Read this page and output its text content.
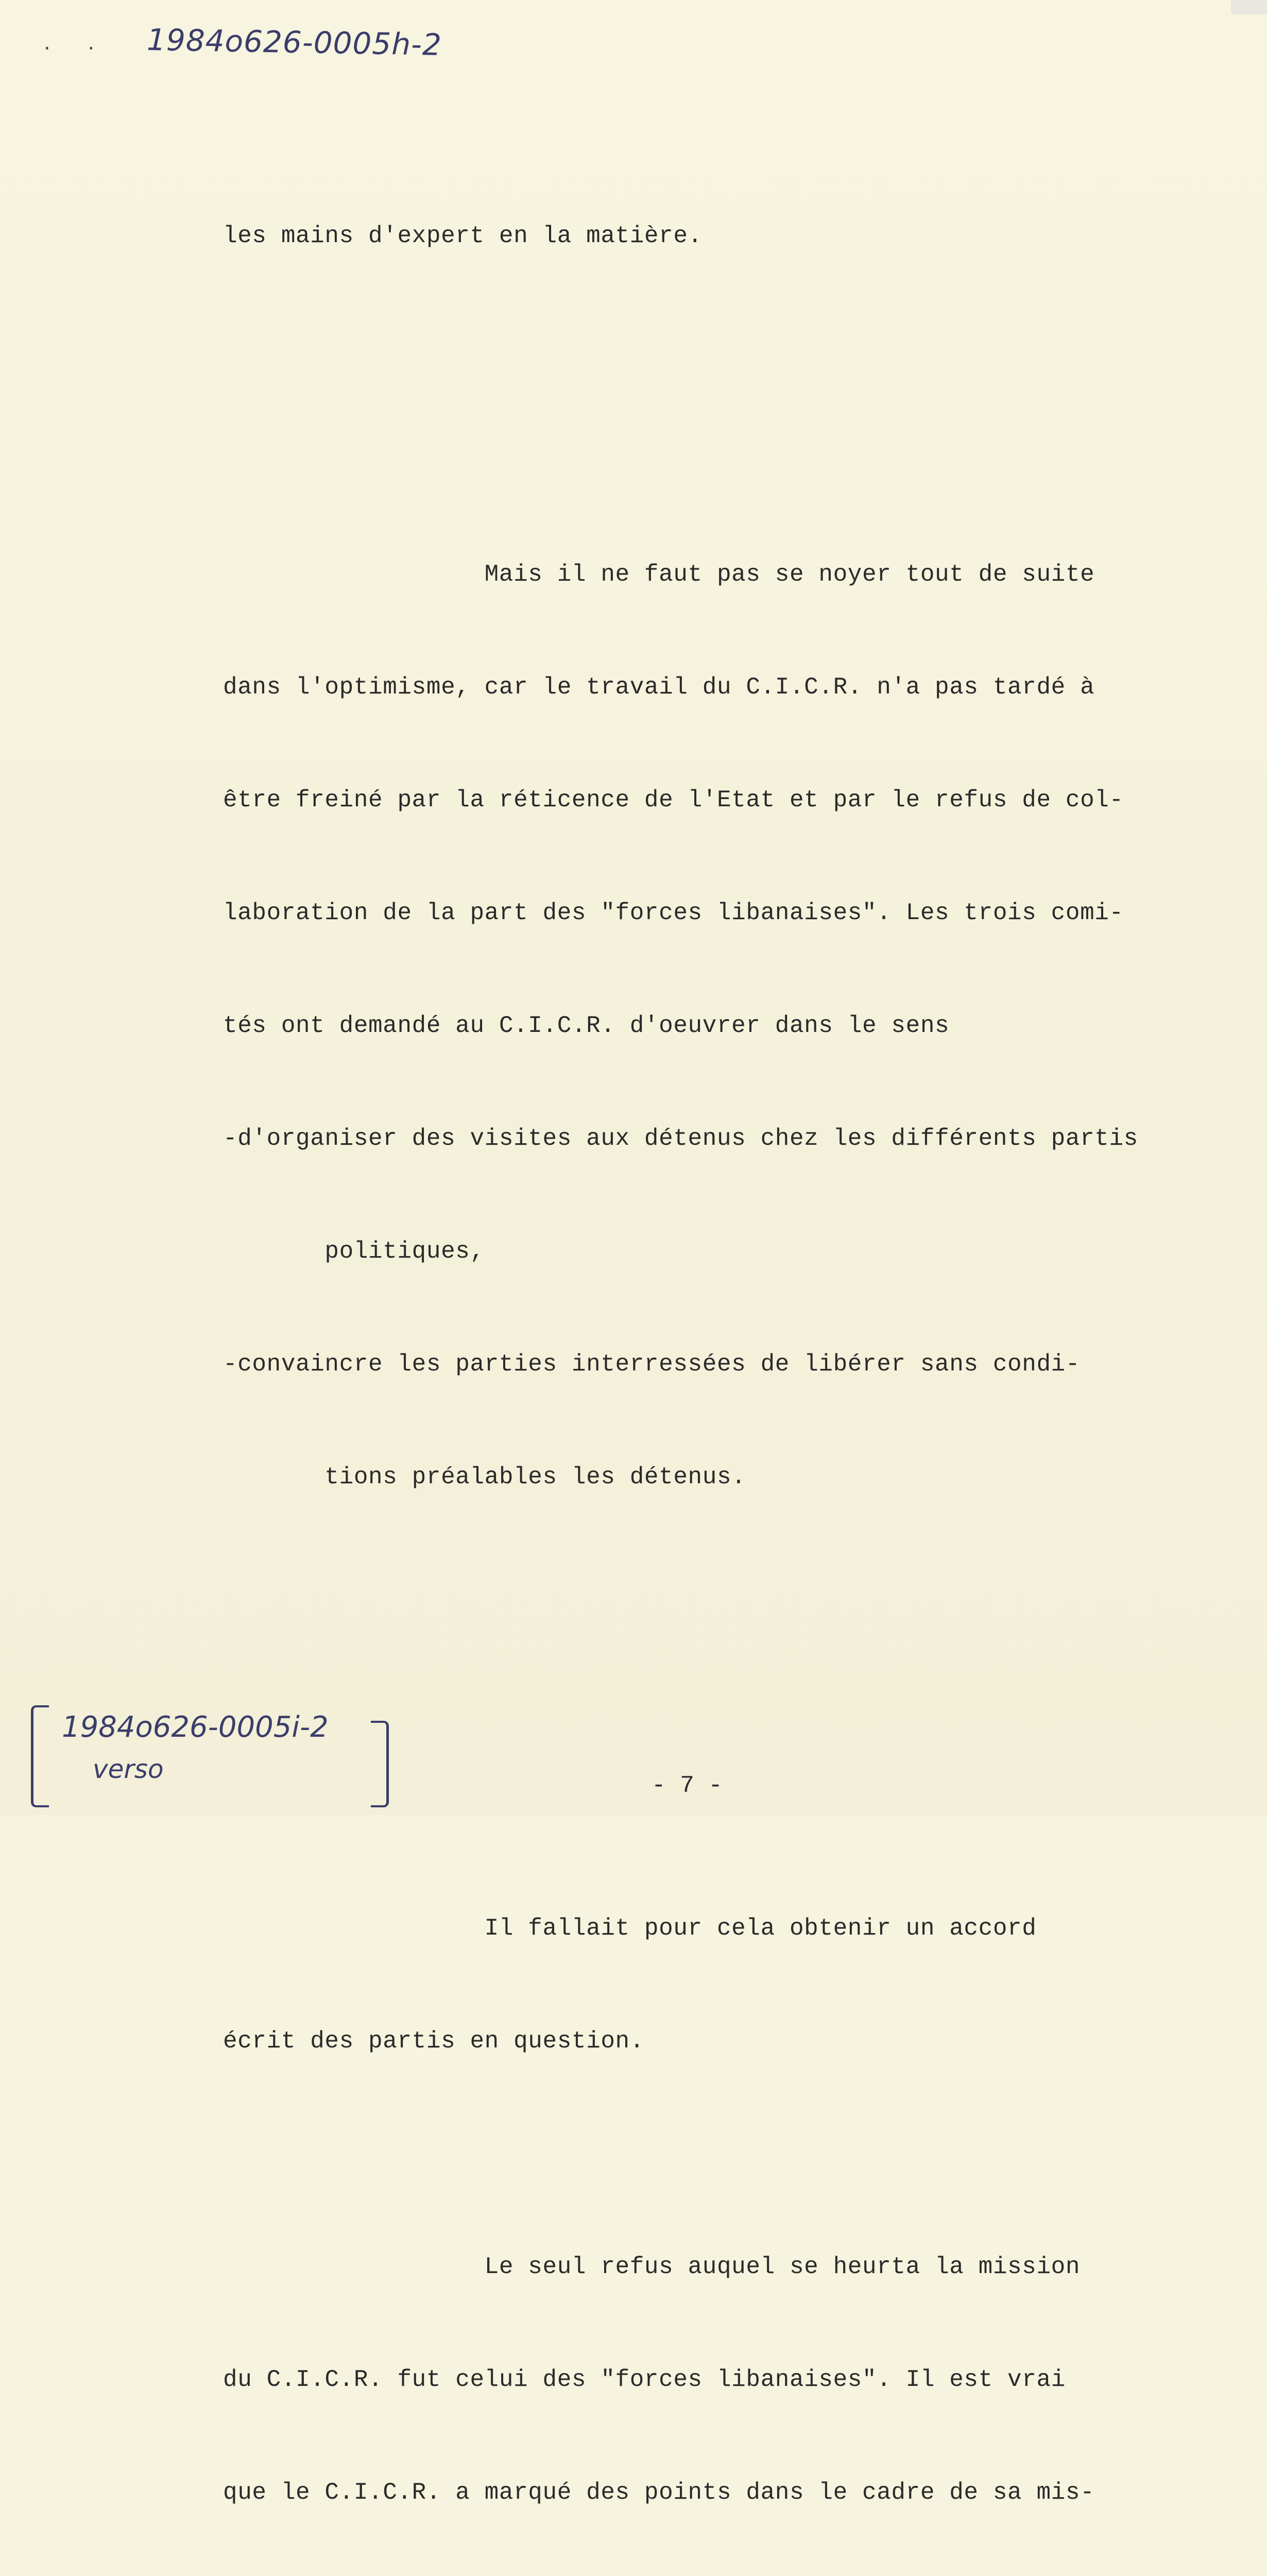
. . 1984o626-0005h-2

les mains d'expert en la matière.

Mais il ne faut pas se noyer tout de suite

dans l'optimisme, car le travail du C.I.C.R. n'a pas tardé à

être freiné par la réticence de l'Etat et par le refus de col-

laboration de la part des "forces libanaises". Les trois comi-

tés ont demandé au C.I.C.R. d'oeuvrer dans le sens

-d'organiser des visites aux détenus chez les différents partis

politiques,

-convaincre les parties interressées de libérer sans condi-

tions préalables les détenus.

Il fallait pour cela obtenir un accord

écrit des partis en question.

Le seul refus auquel se heurta la mission

du C.I.C.R. fut celui des "forces libanaises". Il est vrai

que le C.I.C.R. a marqué des points dans le cadre de sa mis-

- 7 -
1984o626-0005i-2
verso
